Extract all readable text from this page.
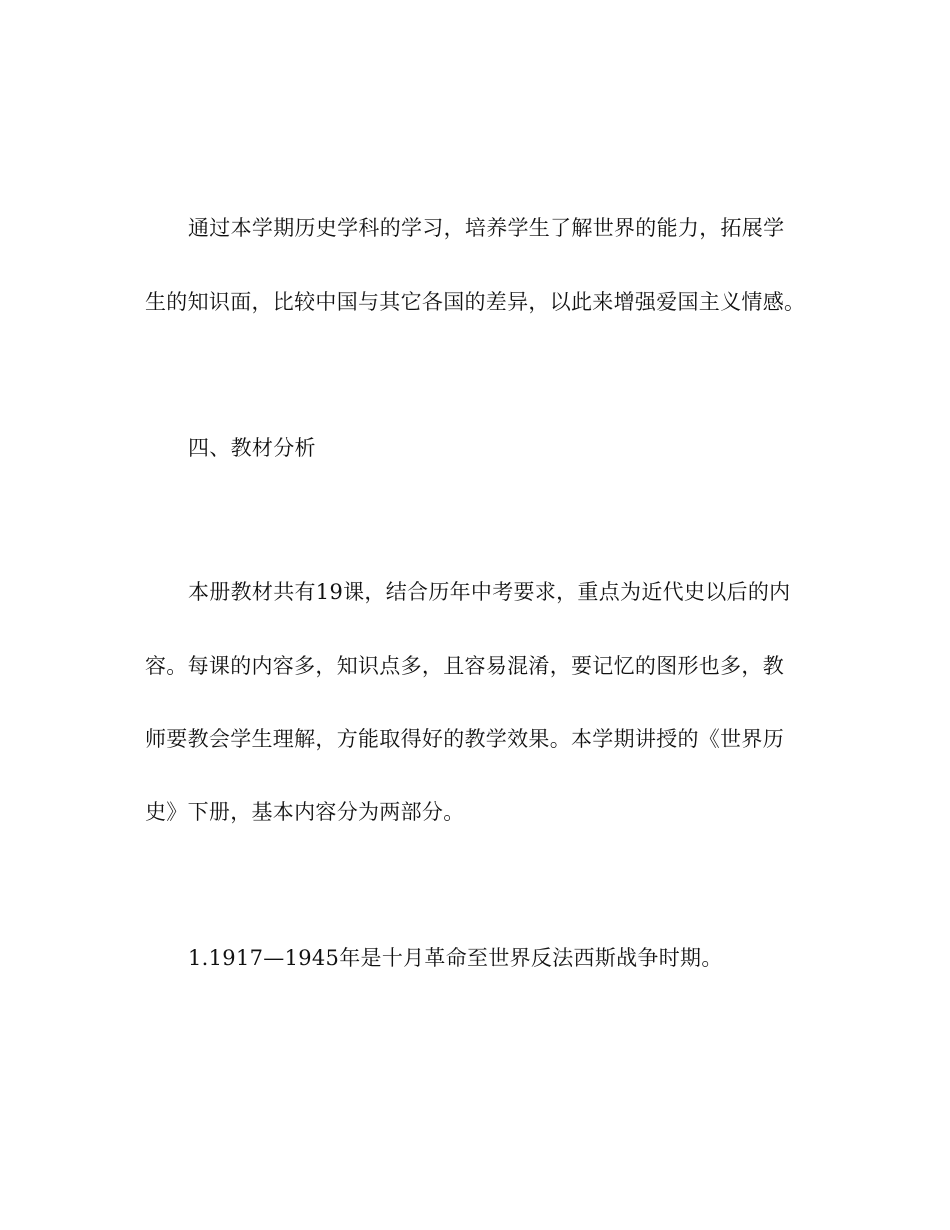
通过本学期历史学科的学习，培养学生了解世界的能力，拓展学
生的知识面，比较中国与其它各国的差异，以此来增强爱国主义情感。
四、教材分析
本册教材共有19课，结合历年中考要求，重点为近代史以后的内
容。每课的内容多，知识点多，且容易混淆，要记忆的图形也多，教
师要教会学生理解，方能取得好的教学效果。本学期讲授的《世界历
史》下册，基本内容分为两部分。
1.1917—1945年是十月革命至世界反法西斯战争时期。
